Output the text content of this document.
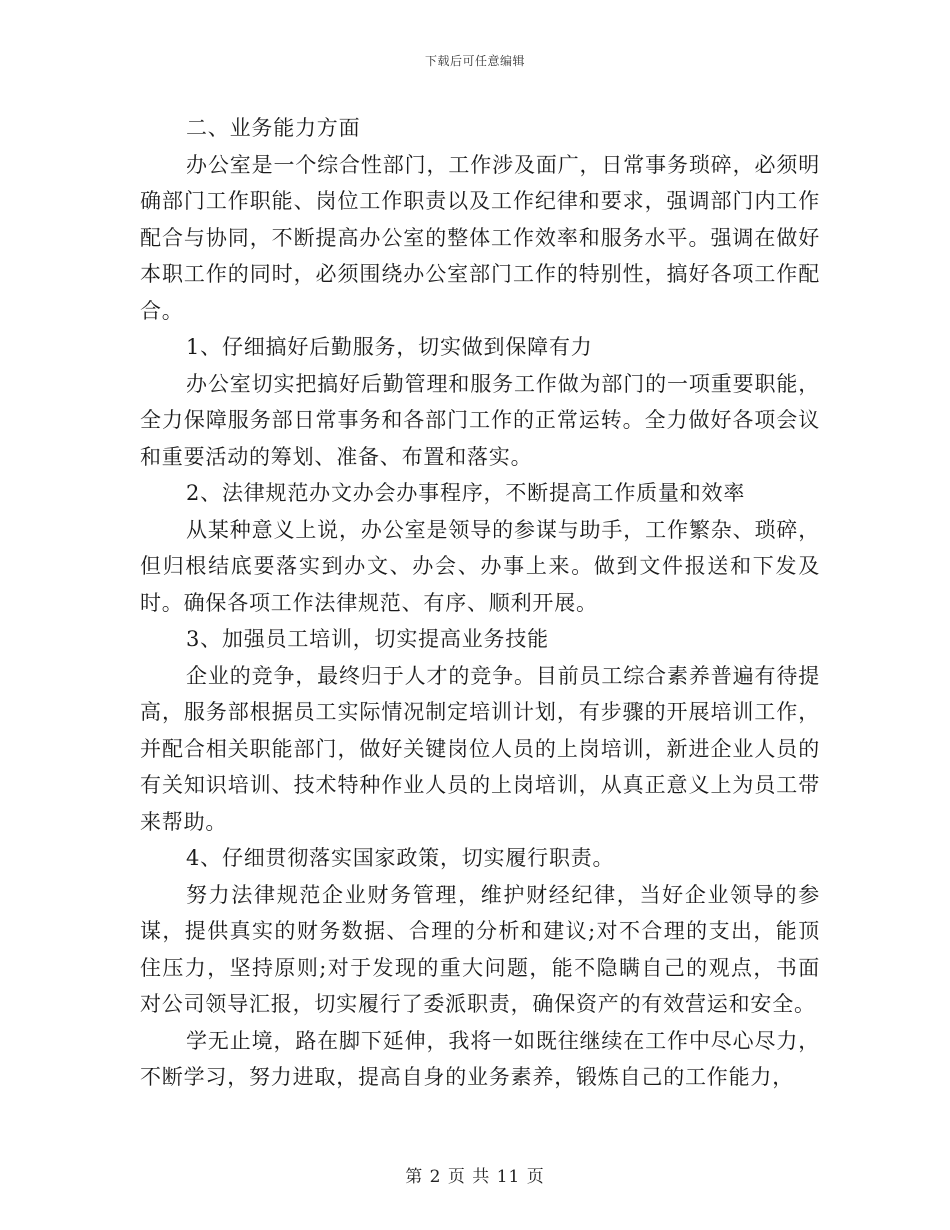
下载后可任意编辑

二、业务能力方面

办公室是一个综合性部门，工作涉及面广，日常事务琐碎，必须明确部门工作职能、岗位工作职责以及工作纪律和要求，强调部门内工作配合与协同，不断提高办公室的整体工作效率和服务水平。强调在做好本职工作的同时，必须围绕办公室部门工作的特别性，搞好各项工作配合。

1、仔细搞好后勤服务，切实做到保障有力

办公室切实把搞好后勤管理和服务工作做为部门的一项重要职能，全力保障服务部日常事务和各部门工作的正常运转。全力做好各项会议和重要活动的筹划、准备、布置和落实。

2、法律规范办文办会办事程序，不断提高工作质量和效率

从某种意义上说，办公室是领导的参谋与助手，工作繁杂、琐碎，但归根结底要落实到办文、办会、办事上来。做到文件报送和下发及时。确保各项工作法律规范、有序、顺利开展。

3、加强员工培训，切实提高业务技能

企业的竞争，最终归于人才的竞争。目前员工综合素养普遍有待提高，服务部根据员工实际情况制定培训计划，有步骤的开展培训工作，并配合相关职能部门，做好关键岗位人员的上岗培训，新进企业人员的有关知识培训、技术特种作业人员的上岗培训，从真正意义上为员工带来帮助。

4、仔细贯彻落实国家政策，切实履行职责。

努力法律规范企业财务管理，维护财经纪律，当好企业领导的参谋，提供真实的财务数据、合理的分析和建议;对不合理的支出，能顶住压力，坚持原则;对于发现的重大问题，能不隐瞒自己的观点，书面对公司领导汇报，切实履行了委派职责，确保资产的有效营运和安全。

学无止境，路在脚下延伸，我将一如既往继续在工作中尽心尽力，不断学习，努力进取，提高自身的业务素养，锻炼自己的工作能力，

第 2 页 共 11 页
